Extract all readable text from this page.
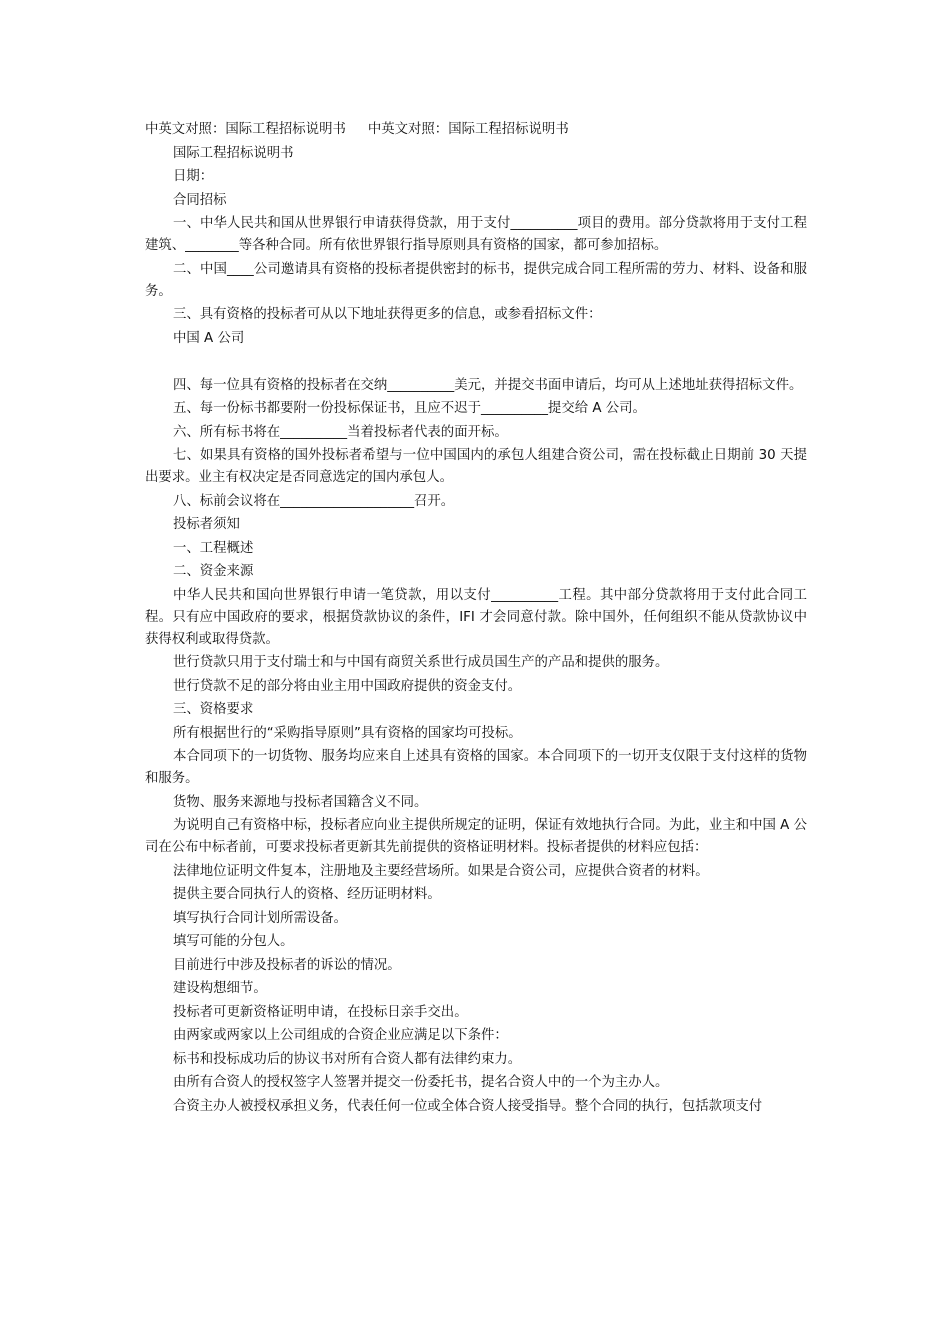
中英文对照：国际工程招标说明书 中英文对照：国际工程招标说明书

国际工程招标说明书

日期：

合同招标

一、中华人民共和国从世界银行申请获得贷款，用于支付__________项目的费用。部分贷款将用于支付工程建筑、________等各种合同。所有依世界银行指导原则具有资格的国家，都可参加招标。

二、中国____公司邀请具有资格的投标者提供密封的标书，提供完成合同工程所需的劳力、材料、设备和服务。

三、具有资格的投标者可从以下地址获得更多的信息，或参看招标文件：

中国 A 公司

四、每一位具有资格的投标者在交纳__________美元，并提交书面申请后，均可从上述地址获得招标文件。

五、每一份标书都要附一份投标保证书，且应不迟于__________提交给 A 公司。

六、所有标书将在__________当着投标者代表的面开标。

七、如果具有资格的国外投标者希望与一位中国国内的承包人组建合资公司，需在投标截止日期前 30 天提出要求。业主有权决定是否同意选定的国内承包人。

八、标前会议将在____________________召开。

投标者须知

一、工程概述

二、资金来源

中华人民共和国向世界银行申请一笔贷款，用以支付__________工程。其中部分贷款将用于支付此合同工程。只有应中国政府的要求，根据贷款协议的条件，IFI 才会同意付款。除中国外，任何组织不能从贷款协议中获得权利或取得贷款。

世行贷款只用于支付瑞士和与中国有商贸关系世行成员国生产的产品和提供的服务。

世行贷款不足的部分将由业主用中国政府提供的资金支付。

三、资格要求

所有根据世行的“采购指导原则”具有资格的国家均可投标。

本合同项下的一切货物、服务均应来自上述具有资格的国家。本合同项下的一切开支仅限于支付这样的货物和服务。

货物、服务来源地与投标者国籍含义不同。

为说明自己有资格中标，投标者应向业主提供所规定的证明，保证有效地执行合同。为此，业主和中国 A 公司在公布中标者前，可要求投标者更新其先前提供的资格证明材料。投标者提供的材料应包括：

法律地位证明文件复本，注册地及主要经营场所。如果是合资公司，应提供合资者的材料。

提供主要合同执行人的资格、经历证明材料。

填写执行合同计划所需设备。

填写可能的分包人。

目前进行中涉及投标者的诉讼的情况。

建设构想细节。

投标者可更新资格证明申请，在投标日亲手交出。

由两家或两家以上公司组成的合资企业应满足以下条件：

标书和投标成功后的协议书对所有合资人都有法律约束力。

由所有合资人的授权签字人签署并提交一份委托书，提名合资人中的一个为主办人。

合资主办人被授权承担义务，代表任何一位或全体合资人接受指导。整个合同的执行，包括款项支付
